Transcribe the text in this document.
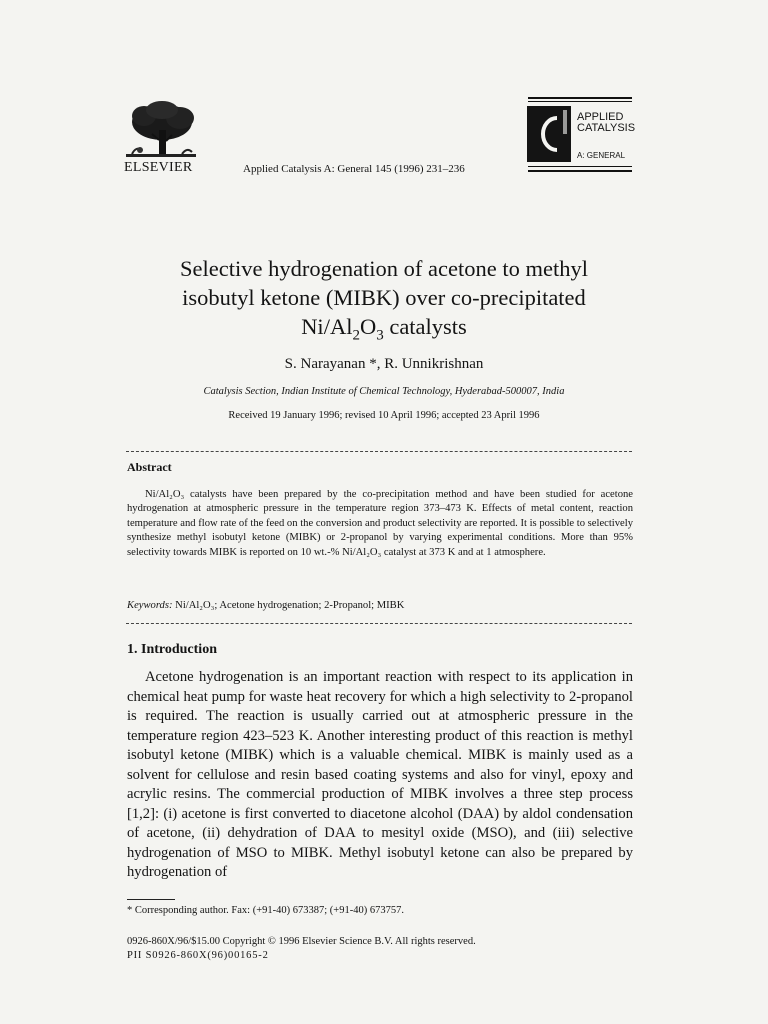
ELSEVIER	Applied Catalysis A: General 145 (1996) 231–236
APPLIED
CATALYSIS
A: GENERAL
Selective hydrogenation of acetone to methyl
isobutyl ketone (MIBK) over co-precipitated
$Ni/Al_2O_3$ catalysts
S. Narayanan *, R. Unnikrishnan
Catalysis Section, Indian Institute of Chemical Technology, Hyderabad-500007, India
Received 19 January 1996; revised 10 April 1996; accepted 23 April 1996
Abstract
Ni/Al₂O₃ catalysts have been prepared by the co-precipitation method and have been studied for acetone hydrogenation at atmospheric pressure in the temperature region 373–473 K. Effects of metal content, reaction temperature and flow rate of the feed on the conversion and product selectivity are reported. It is possible to selectively synthesize methyl isobutyl ketone (MIBK) or 2-propanol by varying experimental conditions. More than 95% selectivity towards MIBK is reported on 10 wt.-% Ni/Al₂O₃ catalyst at 373 K and at 1 atmosphere.
Keywords: Ni/Al₂O₃; Acetone hydrogenation; 2-Propanol; MIBK
1. Introduction
Acetone hydrogenation is an important reaction with respect to its application in chemical heat pump for waste heat recovery for which a high selectivity to 2-propanol is required. The reaction is usually carried out at atmospheric pressure in the temperature region 423–523 K. Another interesting product of this reaction is methyl isobutyl ketone (MIBK) which is a valuable chemical. MIBK is mainly used as a solvent for cellulose and resin based coating systems and also for vinyl, epoxy and acrylic resins. The commercial production of MIBK involves a three step process [1,2]: (i) acetone is first converted to diacetone alcohol (DAA) by aldol condensation of acetone, (ii) dehydration of DAA to mesityl oxide (MSO), and (iii) selective hydrogenation of MSO to MIBK. Methyl isobutyl ketone can also be prepared by hydrogenation of
* Corresponding author. Fax: (+91-40) 673387; (+91-40) 673757.
0926-860X/96/$15.00 Copyright © 1996 Elsevier Science B.V. All rights reserved.
PII S0926-860X(96)00165-2
